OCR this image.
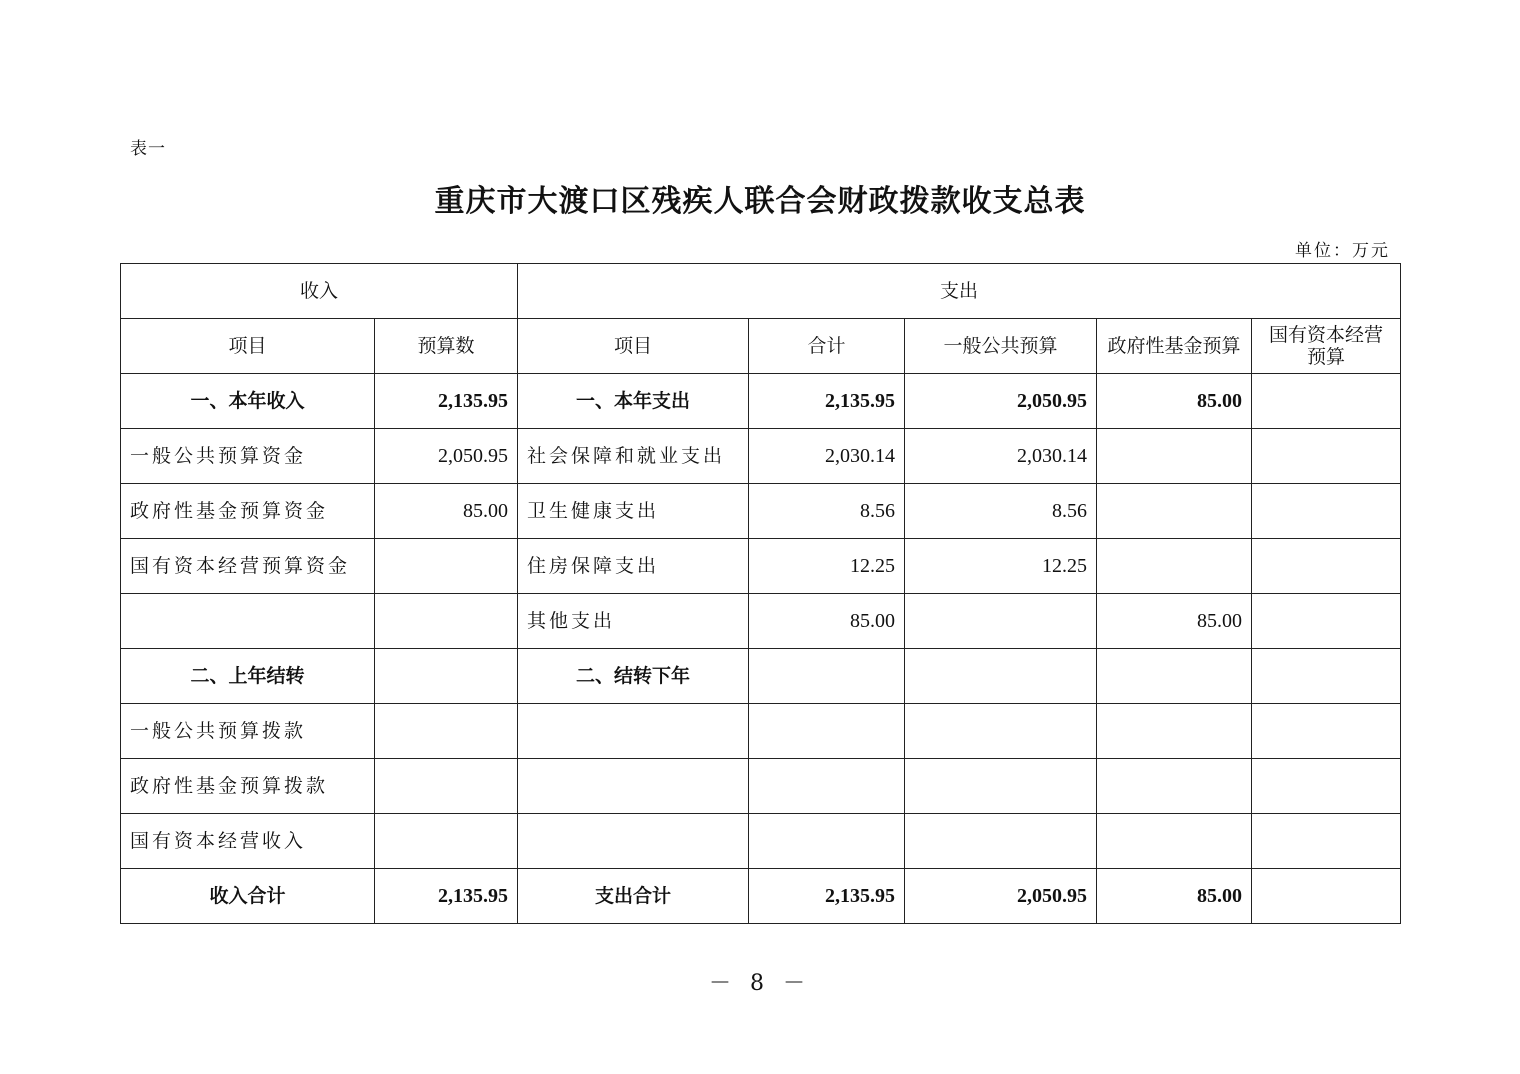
表一
重庆市大渡口区残疾人联合会财政拨款收支总表
单位：万元
收入		支出				
项目	预算数	项目	合计	一般公共预算	政府性基金预算	国有资本经营预算
一、本年收入	2,135.95	一、本年支出	2,135.95	2,050.95	85.00	
一般公共预算资金	2,050.95	社会保障和就业支出	2,030.14	2,030.14		
政府性基金预算资金	85.00	卫生健康支出	8.56	8.56		
国有资本经营预算资金		住房保障支出	12.25	12.25		
		其他支出	85.00		85.00	
二、上年结转		二、结转下年				
一般公共预算拨款						
政府性基金预算拨款						
国有资本经营收入						
收入合计	2,135.95	支出合计	2,135.95	2,050.95	85.00	
－ 8 －
